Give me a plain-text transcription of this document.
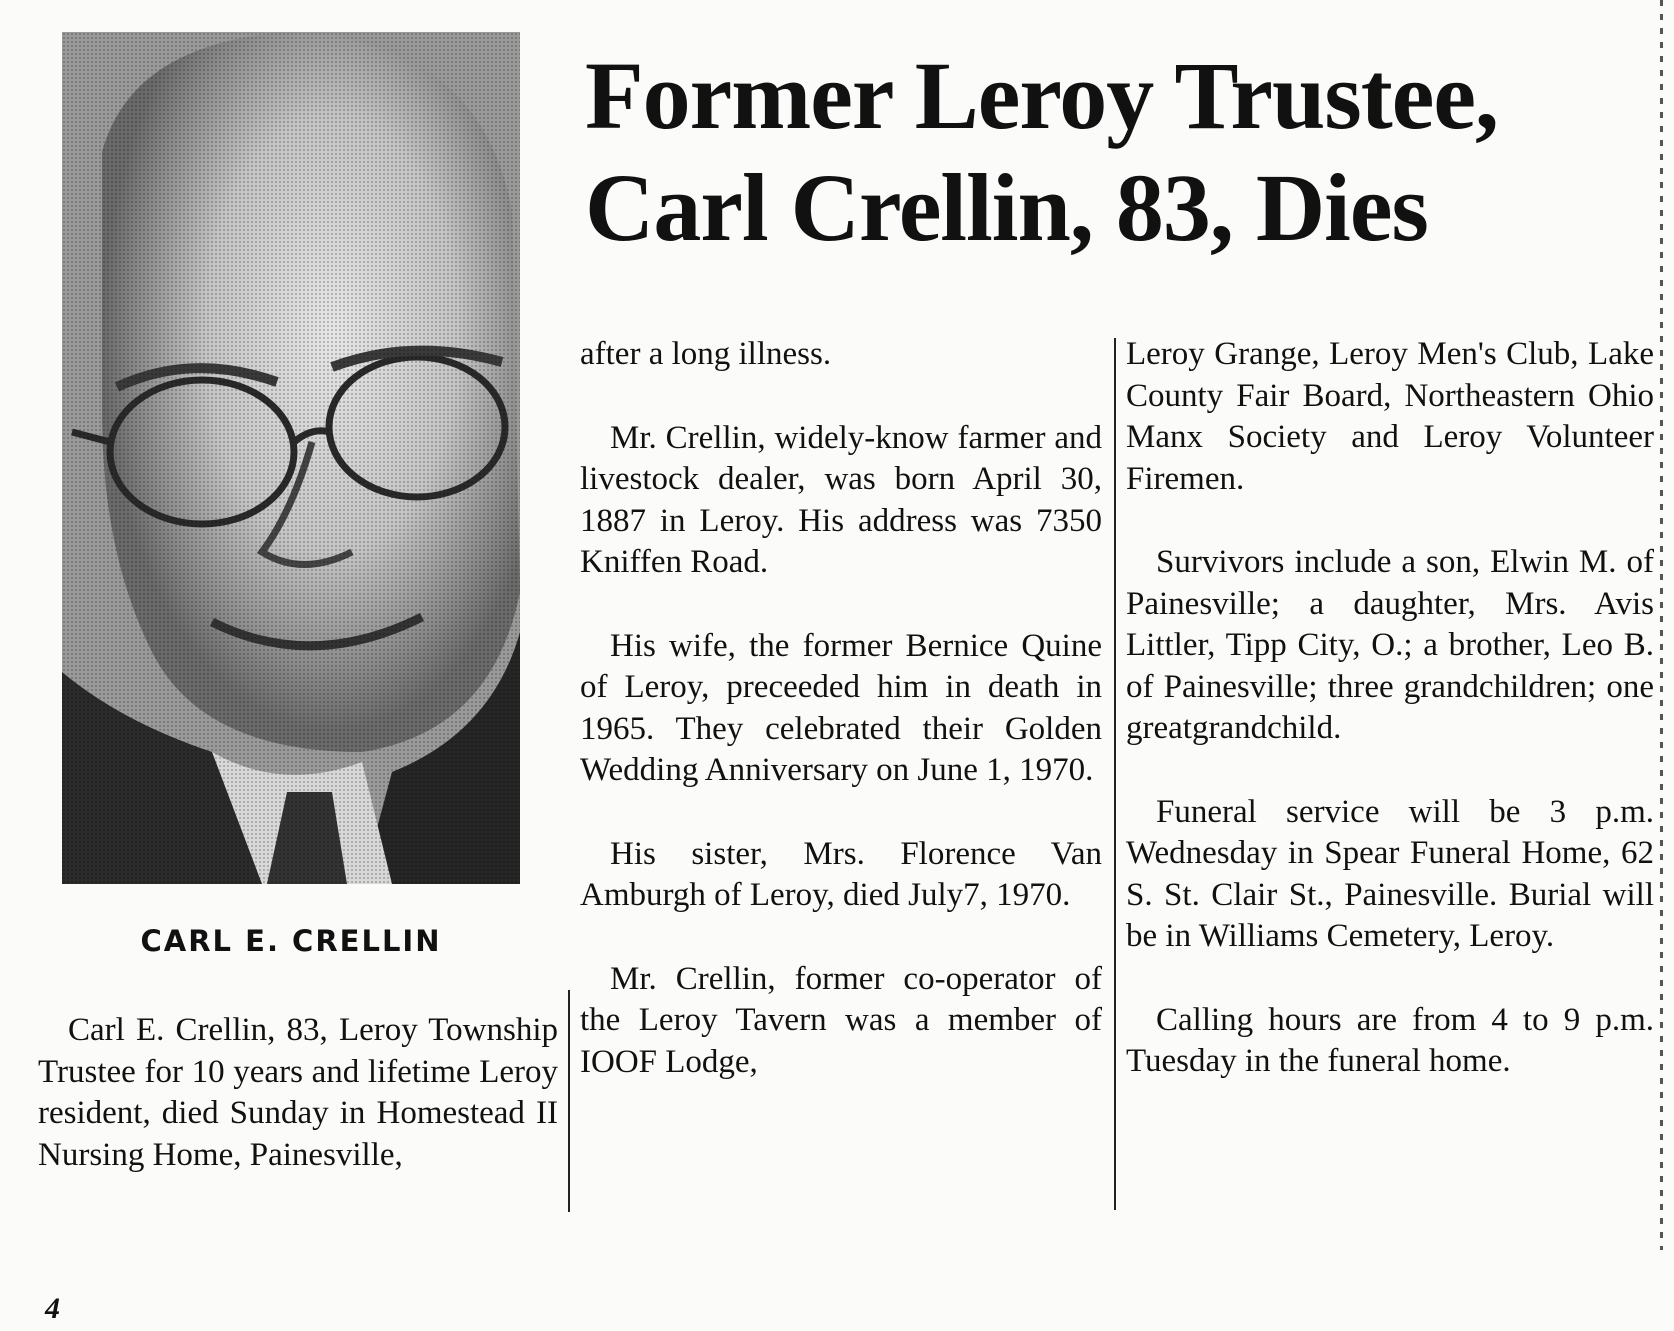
CARL E. CRELLIN
Former Leroy Trustee,
Carl Crellin, 83, Dies

Carl E. Crellin, 83, Leroy Township Trustee for 10 years and lifetime Leroy resident, died Sunday in Homestead II Nursing Home, Painesville,

after a long illness.

Mr. Crellin, widely-know farmer and livestock dealer, was born April 30, 1887 in Leroy. His address was 7350 Kniffen Road.

His wife, the former Bernice Quine of Leroy, preceeded him in death in 1965. They celebrated their Golden Wedding Anniversary on June 1, 1970.

His sister, Mrs. Florence Van Amburgh of Leroy, died July7, 1970.

Mr. Crellin, former co-operator of the Leroy Tavern was a member of IOOF Lodge,

Leroy Grange, Leroy Men's Club, Lake County Fair Board, Northeastern Ohio Manx Society and Leroy Volunteer Firemen.

Survivors include a son, Elwin M. of Painesville; a daughter, Mrs. Avis Littler, Tipp City, O.; a brother, Leo B. of Painesville; three grandchildren; one greatgrandchild.

Funeral service will be 3 p.m. Wednesday in Spear Funeral Home, 62 S. St. Clair St., Painesville. Burial will be in Williams Cemetery, Leroy.

Calling hours are from 4 to 9 p.m. Tuesday in the funeral home.

4
